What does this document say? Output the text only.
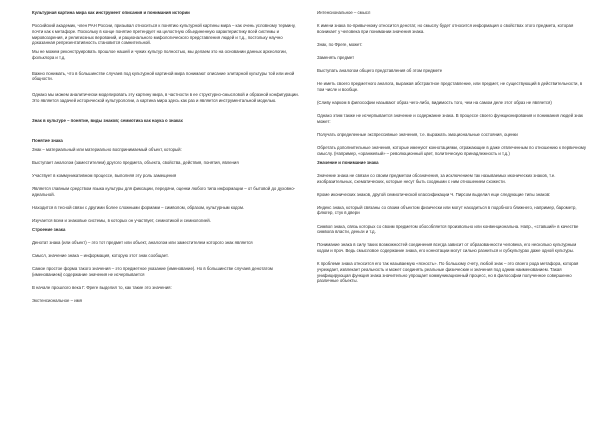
Культурная картина мира как инструмент описания и понимания истории

Российский академик, член РАН России, призывал относиться к понятию культурной картины мира – как очень условному термину, почти как к метафоре. Поскольку в конце понятие претендует на целостную объединенную характеристику всей системы и мировоззрения, и религиозных верований, и рационального мифологического представления людей и т.д., постольку научно доказанная репрезентативность становится сомнительной.

Мы не можем реконструировать прошлое нашей и чужих культур полностью, мы делаем это на основании данных археологии, фольклора и т.д.

Важно понимать, что в большинстве случаев под культурной картиной мира понимают описание элитарной культуры той или иной общности.

Однако мы можем аналитически моделировать эту картину мира, в частности в ее структурно-смысловой и образной конфигурации. Это является задачей исторической культурологии, а картина мира здесь как раз и является инструментальной моделью.

Знак в культуре – понятие, виды знаков; семиотика как наука о знаках

Понятие знака

Знак – материальный или материально воспринимаемый объект, который:

Выступает аналогом (заместителем) другого предмета, объекта, свойства, действия, понятия, явления

Участвует в коммуникативном процессе, выполняя эту роль замещения

Является главным средством языка культуры для фиксации, передачи, оценки любого типа информации – от бытовой до духовно-идеальной.

Находится в тесной связи с другими более сложными формами – символом, образом, культурным кодом.

Изучается всем и знаковые системы, в которых он участвует, семиотикой и семиологией.

Строение знака

Денотат знака (или объект) – это тот предмет или объект, аналогом или заместителем которого знак является

Смысл, значение знака – информация, которую этот знак сообщает.

Самое простое форма такого значения – это предметное указание (именование). Но в большинстве случаев денотатом (именованием) содержание значения не исчерпывается

В начале прошлого века Г. Фреге выделил то, как такие это значения:

Экстенсиональное – имя

Интенсиональное – смысл

К имени знака по-привычному относится денотат, но смыслу будет относится информация о свойствах этого предмета, которая возникает у человека при понимании значения знака.

Знак, по Фреге, может:

Заменять предмет

Выступать аналогом общего представления об этом предмете

Не иметь своего предметного аналога, выражая абстрактное представление, или предмет, не существующий в действительности, в том числе и вообще.

(Сливу нарком в философии называют образ чего-либо, видимость того, чем на самом деле этот образ не является)

Однако этим также не исчерпывается значение и содержание знака. В процессе своего функционирования и понимания людей знак может:

Получать определенные экспрессивные значения, т.е. выражать эмоциональные состояния, оценки

Обретать дополнительные значения, которые именуют коннотациями, отражающие в даже отвлеченным по отношению к первичному смыслу. (Например, «оранжевый» – революционный цвет, политическую принадлежность и т.д.)

Значение и понимание знака

Значение знака не связан со своим предметом обозначения, за исключением так называемых иконических знаков, т.е. изобразительных, схематических, которые несут быть сходными с ним отношением схожести.

Кроме иконических знаков, другой семиотической классификации Ч. Пирсом выделил еще следующие типы знаков:

Индекс знака, который связаны со своим объектом физически или могут находиться в подобного ближнего, например, барометр, флюгер, стук в двери

Символ знака, связь которых со своим предметом обособляется произвольно или конвенциональна. Напр., «ставший» в качестве символа власти, деньги и т.д.

Понимание знака в силу таких возможностей соединения всегда зависит от образованности человека, его несколько культурным кодом и проч. Ведь смысловое содержание знака, его коннотации могут сильно разниться и субкультурах даже одной культуры.

К проблеме знака относится его так называемую «ясность». По большому счету, любой знак – это своего рода метафора, которая учреждает, извлекает реальность и может соединять реальные физические и значения под одним наименованием. Такая унифицирующая функция знака значительно упрощает коммуникационный процесс, но в философии полученное совершенно различные объекты.
